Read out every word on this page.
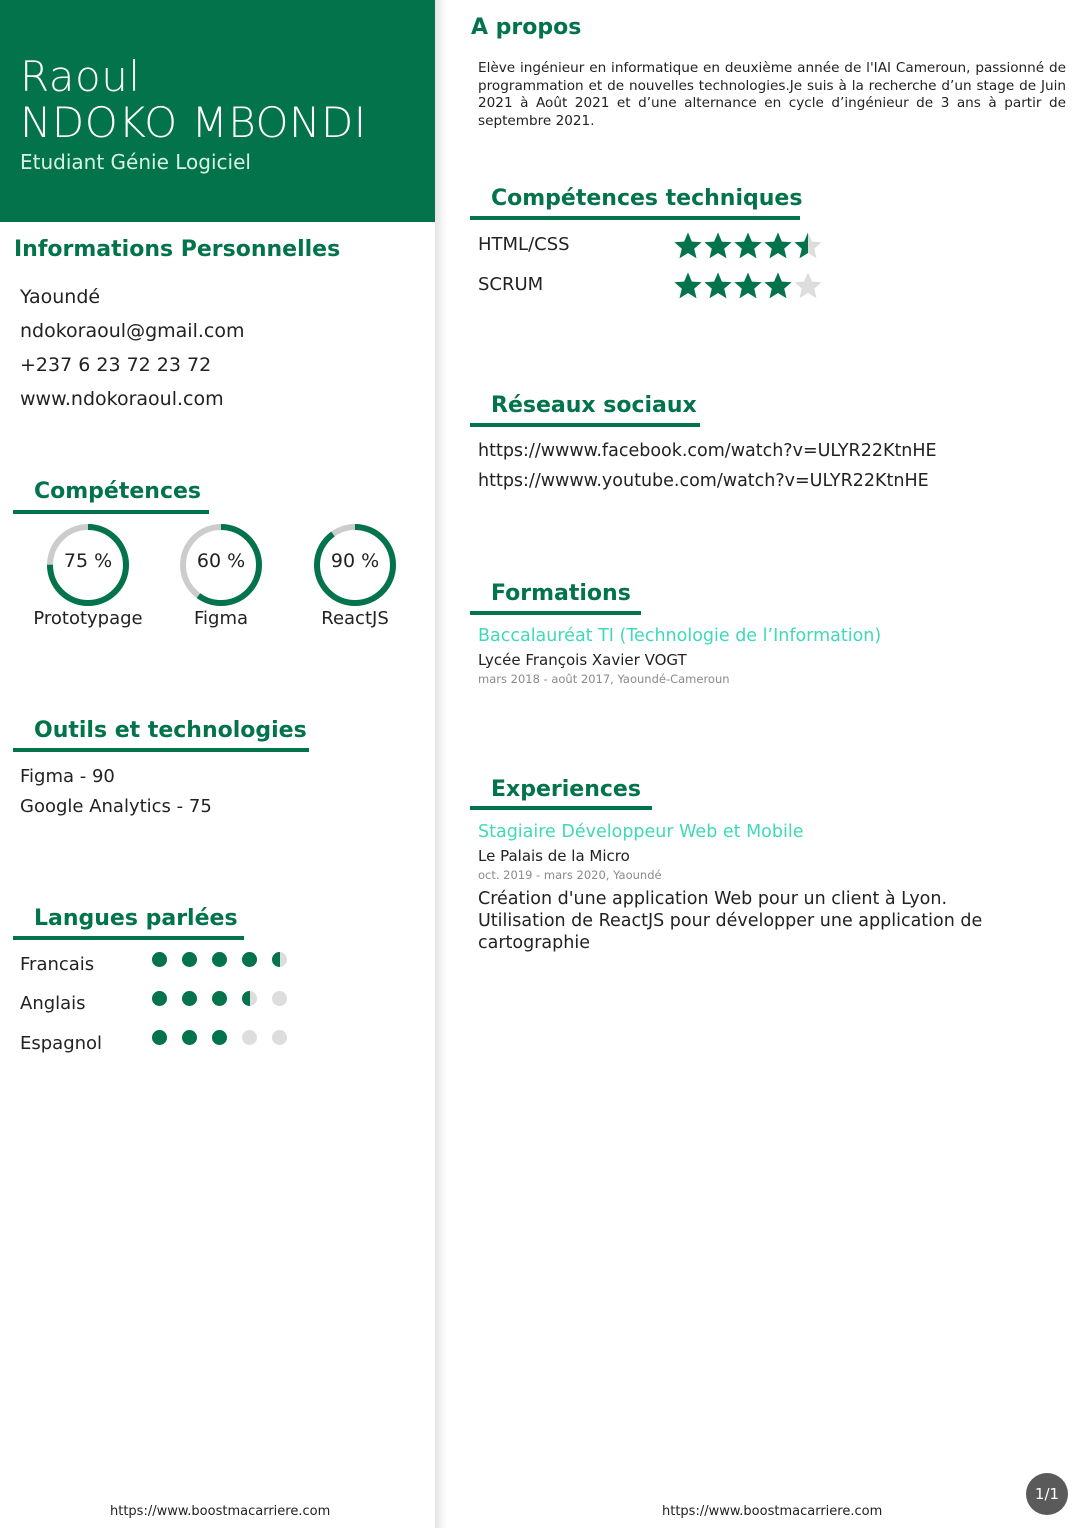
Raoul
NDOKO MBONDI
Etudiant Génie Logiciel
Informations Personnelles
Yaoundé
ndokoraoul@gmail.com
+237 6 23 72 23 72
www.ndokoraoul.com
Compétences
75 %
Prototypage
60 %
Figma
90 %
ReactJS
Outils et technologies
Figma - 90
Google Analytics - 75
Langues parlées
Francais
Anglais
Espagnol
A propos
Elève ingénieur en informatique en deuxième année de l'IAI Cameroun, passionné de programmation et de nouvelles technologies.Je suis à la recherche d’un stage de Juin 2021 à Août 2021 et d’une alternance en cycle d’ingénieur de 3 ans à partir de septembre 2021.
Compétences techniques
HTML/CSS
SCRUM
Réseaux sociaux
https://wwww.facebook.com/watch?v=ULYR22KtnHE
https://wwww.youtube.com/watch?v=ULYR22KtnHE
Formations
Baccalauréat TI (Technologie de l’Information)
Lycée François Xavier VOGT
mars 2018 - août 2017, Yaoundé-Cameroun
Experiences
Stagiaire Développeur Web et Mobile
Le Palais de la Micro
oct. 2019 - mars 2020, Yaoundé
Création d'une application Web pour un client à Lyon. Utilisation de ReactJS pour développer une application de cartographie
https://www.boostmacarriere.com	https://www.boostmacarriere.com
1/1
